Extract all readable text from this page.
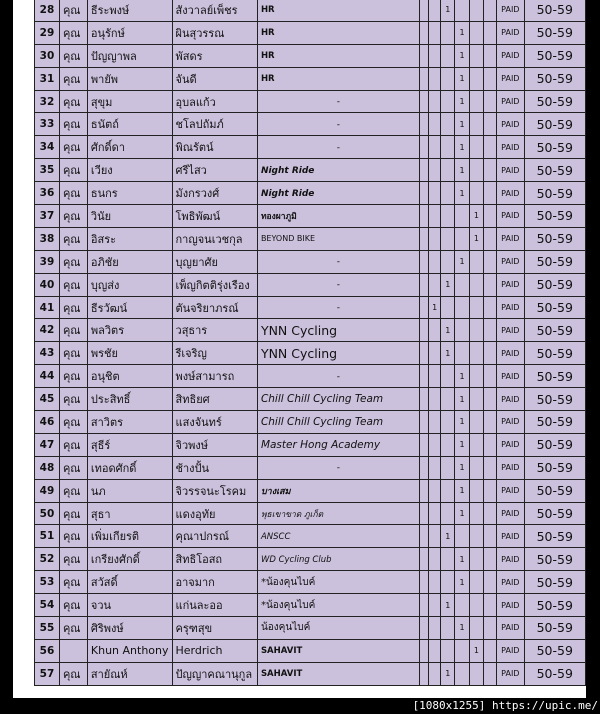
28	คุณ	ธีระพงษ์	สังวาลย์เพ็ชร	HR			1				PAID	50-59
29	คุณ	อนุรักษ์	ผินสุวรรณ	HR				1			PAID	50-59
30	คุณ	ปัญญาพล	พัสดร	HR				1			PAID	50-59
31	คุณ	พายัพ	จันดี	HR				1			PAID	50-59
32	คุณ	สุขุม	อุบลแก้ว	-				1			PAID	50-59
33	คุณ	ธนัตถ์	ชโลปถัมภ์	-				1			PAID	50-59
34	คุณ	ศักดิ์ดา	พิณรัตน์	-				1			PAID	50-59
35	คุณ	เวียง	ศรีไสว	Night Ride				1			PAID	50-59
36	คุณ	ธนกร	มังกรวงศ์	Night Ride				1			PAID	50-59
37	คุณ	วินัย	โพธิพัฒน์	ทองผาภูมิ					1		PAID	50-59
38	คุณ	อิสระ	กาญจนเวชกุล	BEYOND BIKE					1		PAID	50-59
39	คุณ	อภิชัย	บุญยาศัย	-				1			PAID	50-59
40	คุณ	บุญส่ง	เพ็ญกิตติรุ่งเรือง	-			1				PAID	50-59
41	คุณ	ธีรวัฒน์	ตันจริยาภรณ์	-		1					PAID	50-59
42	คุณ	พลวิตร	วสุธาร	YNN Cycling			1				PAID	50-59
43	คุณ	พรชัย	รีเจริญ	YNN Cycling			1				PAID	50-59
44	คุณ	อนุชิต	พงษ์สามารถ	-				1			PAID	50-59
45	คุณ	ประสิทธิ์	สิทธิยศ	Chill Chill Cycling Team				1			PAID	50-59
46	คุณ	สาวิตร	แสงจันทร์	Chill Chill Cycling Team				1			PAID	50-59
47	คุณ	สุธีร์	จิวพงษ์	Master Hong Academy				1			PAID	50-59
48	คุณ	เทอดศักดิ์	ช้างปั้น	-				1			PAID	50-59
49	คุณ	นภ	จิวรรจนะโรคม	บางเสม				1			PAID	50-59
50	คุณ	สุธา	แดงอุทัย	พุธเขาขาด ภูเก็ต				1			PAID	50-59
51	คุณ	เพิ่มเกียรติ	คุณาปกรณ์	ANSCC			1				PAID	50-59
52	คุณ	เกรียงศักดิ์	สิทธิโอสถ	WD Cycling Club				1			PAID	50-59
53	คุณ	สวัสดิ์	อาจมาก	*น้องคุนไบค์				1			PAID	50-59
54	คุณ	จวน	แก่นละออ	*น้องคุนไบค์			1				PAID	50-59
55	คุณ	ศิริพงษ์	ครุฑสุข	น้องคุนไบค์				1			PAID	50-59
56		Khun Anthony	Herdrich	SAHAVIT					1		PAID	50-59
57	คุณ	สายัณห์	ปัญญาคณานุกูล	SAHAVIT			1				PAID	50-59
[1080x1255] https://upic.me/
